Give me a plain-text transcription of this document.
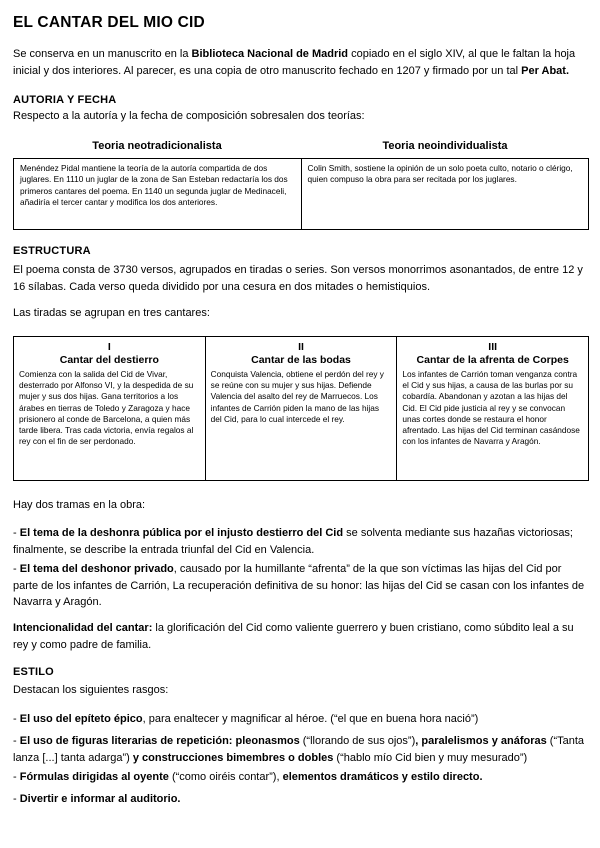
EL CANTAR DEL MIO CID

Se conserva en un manuscrito en la Biblioteca Nacional de Madrid copiado en el siglo XIV, al que le faltan la hoja inicial y dos interiores. Al parecer, es una copia de otro manuscrito fechado en 1207 y firmado por un tal Per Abat.

AUTORIA Y FECHA

Respecto a la autoría y la fecha de composición sobresalen dos teorías:

Teoria neotradicionalista	Teoria neoindividualista
Menéndez Pidal mantiene la teoría de la autoría compartida de dos juglares. En 1110 un juglar de la zona de San Esteban redactaría los dos primeros cantares del poema. En 1140 un segunda juglar de Medinaceli, añadiría el tercer cantar y modifica los dos anteriores.
Colin Smith, sostiene la opinión de un solo poeta culto, notario o clérigo, quien compuso la obra para ser recitada por los juglares.
ESTRUCTURA

El poema consta de 3730 versos, agrupados en tiradas o series. Son versos monorrimos asonantados, de entre 12 y 16 sílabas. Cada verso queda dividido por una cesura en dos mitades o hemistiquios.

Las tiradas se agrupan en tres cantares:

I
Cantar del destierro
Comienza con la salida del Cid de Vivar, desterrado por Alfonso VI, y la despedida de su mujer y sus dos hijas. Gana territorios a los árabes en tierras de Toledo y Zaragoza y hace prisionero al conde de Barcelona, a quien más tarde libera. Tras cada victoria, envía regalos al rey con el fin de ser perdonado.
II
Cantar de las bodas
Conquista Valencia, obtiene el perdón del rey y se reúne con su mujer y sus hijas. Defiende Valencia del asalto del rey de Marruecos. Los infantes de Carrión piden la mano de las hijas del Cid, para lo cual intercede el rey.
III
Cantar de la afrenta de Corpes
Los infantes de Carrión toman venganza contra el Cid y sus hijas, a causa de las burlas por su cobardía. Abandonan y azotan a las hijas del Cid. El Cid pide justicia al rey y se convocan unas cortes donde se restaura el honor afrentado. Las hijas del Cid terminan casándose con los infantes de Navarra y Aragón.

Hay dos tramas en la obra:

- El tema de la deshonra pública por el injusto destierro del Cid se solventa mediante sus hazañas victoriosas; finalmente, se describe la entrada triunfal del Cid en Valencia.

- El tema del deshonor privado, causado por la humillante “afrenta” de la que son víctimas las hijas del Cid por parte de los infantes de Carrión, La recuperación definitiva de su honor: las hijas del Cid se casan con los infantes de Navarra y Aragón.

Intencionalidad del cantar: la glorificación del Cid como valiente guerrero y buen cristiano, como súbdito leal a su rey y como padre de familia.

ESTILO

Destacan los siguientes rasgos:

- El uso del epíteto épico, para enaltecer y magnificar al héroe. (“el que en buena hora nació”)

- El uso de figuras literarias de repetición: pleonasmos (“llorando de sus ojos”), paralelismos y anáforas (“Tanta lanza [...] tanta adarga”) y construcciones bimembres o dobles (“hablo mío Cid bien y muy mesurado”)

- Fórmulas dirigidas al oyente (“como oiréis contar”), elementos dramáticos y estilo directo.

- Divertir e informar al auditorio.
